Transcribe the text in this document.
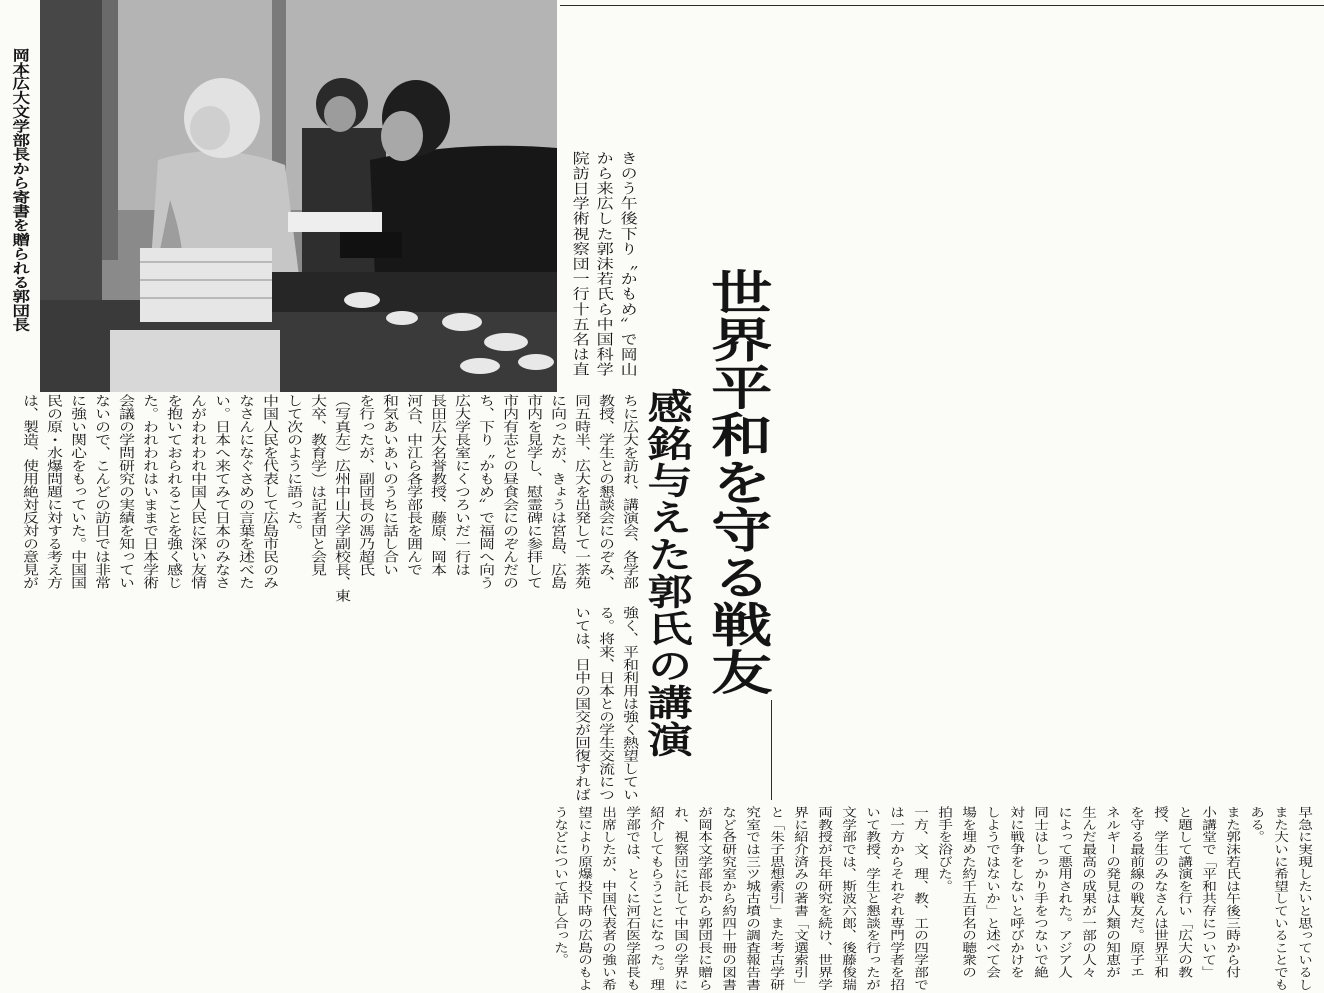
岡本広大文学部長から寄書を贈られる郭団長
世界平和を守る戦友
感銘与えた郭氏の講演
きのう午後下り〝かもめ〟で岡山
から来広した郭沫若氏ら中国科学
院訪日学術視察団一行十五名は直
ちに広大を訪れ、講演会、各学部
教授、学生との懇談会にのぞみ、
同五時半、広大を出発して一茶苑
に向ったが、きょうは宮島、広島
市内を見学し、慰霊碑に参拝して
市内有志との昼食会にのぞんだの
ち、下り〝かもめ〟で福岡へ向う
広大学長室にくつろいだ一行は
長田広大名誉教授、藤原、岡本
河合、中江ら各学部長を囲んで
和気あいあいのうちに話し合い
を行ったが、副団長の馮乃超氏
（写真左）広州中山大学副校長、東
大卒、教育学）は記者団と会見
して次のように語った。
中国人民を代表して広島市民のみ
なさんになぐさめの言葉を述べた
い。日本へ来てみて日本のみなさ
んがわれわれ中国人民に深い友情
を抱いておられることを強く感じ
た。われわれはいままで日本学術
会議の学問研究の実績を知ってい
ないので、こんどの訪日では非常
に強い関心をもっていた。中国国
民の原・水爆問題に対する考え方
は、製造、使用絶対反対の意見が
強く、平和利用は強く熱望してい
る。将来、日本との学生交流につ
いては、日中の国交が回復すれば
早急に実現したいと思っているし
また大いに希望していることでも
ある。
また郭沫若氏は午後三時から付
小講堂で「平和共存について」
と題して講演を行い「広大の教
授、学生のみなさんは世界平和
を守る最前線の戦友だ。原子エ
ネルギーの発見は人類の知恵が
生んだ最高の成果が一部の人々
によって悪用された。アジア人
同士はしっかり手をつないで絶
対に戦争をしないと呼びかけを
しようではないか」と述べて会
場を埋めた約千五百名の聴衆の
拍手を浴びた。
一方、文、理、教、工の四学部で
は一方からそれぞれ専門学者を招
いて教授、学生と懇談を行ったが
文学部では、斯波六郎、後藤俊瑞
両教授が長年研究を続け、世界学
界に紹介済みの著書「文選索引」
と「朱子思想索引」また考古学研
究室では三ツ城古墳の調査報告書
など各研究室から約四十冊の図書
が岡本文学部長から郭団長に贈ら
れ、視察団に託して中国の学界に
紹介してもらうことになった。理
学部では、とくに河石医学部長も
出席したが、中国代表者の強い希
望により原爆投下時の広島のもよ
うなどについて話し合った。
